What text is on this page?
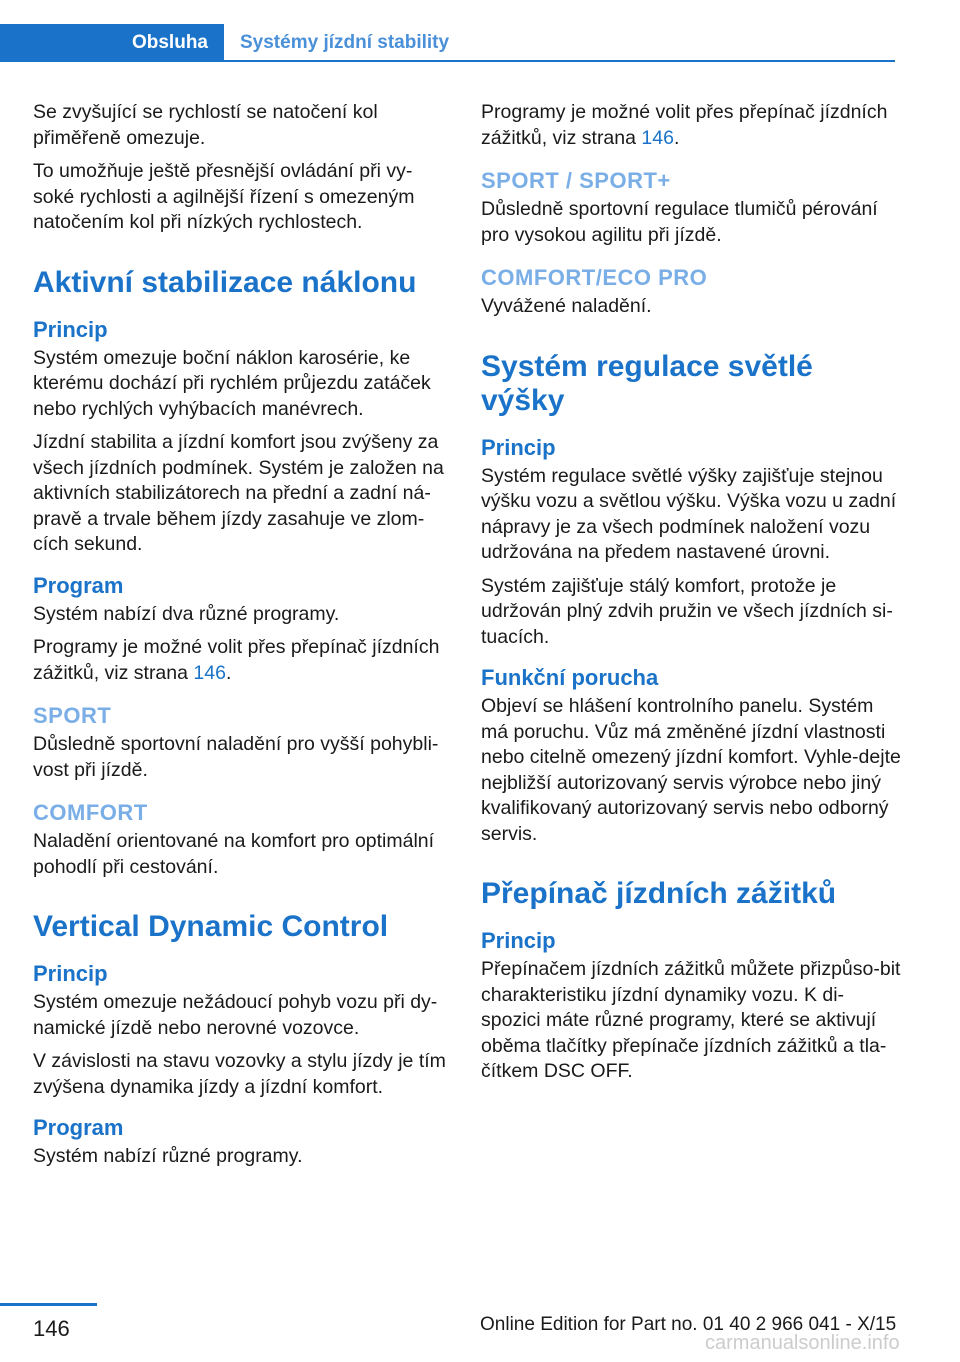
Obsluha Systémy jízdní stability

Se zvyšující se rychlostí se natočení kol přiměřeně omezuje.

To umožňuje ještě přesnější ovládání při vy-soké rychlosti a agilnější řízení s omezeným natočením kol při nízkých rychlostech.

Aktivní stabilizace náklonu
Princip

Systém omezuje boční náklon karosérie, ke kterému dochází při rychlém průjezdu zatáček nebo rychlých vyhýbacích manévrech.

Jízdní stabilita a jízdní komfort jsou zvýšeny za všech jízdních podmínek. Systém je založen na aktivních stabilizátorech na přední a zadní ná-pravě a trvale během jízdy zasahuje ve zlom-cích sekund.

Program

Systém nabízí dva různé programy.

Programy je možné volit přes přepínač jízdních zážitků, viz strana 146.

SPORT

Důsledně sportovní naladění pro vyšší pohybli-vost při jízdě.

COMFORT

Naladění orientované na komfort pro optimální pohodlí při cestování.

Vertical Dynamic Control
Princip

Systém omezuje nežádoucí pohyb vozu při dy-namické jízdě nebo nerovné vozovce.

V závislosti na stavu vozovky a stylu jízdy je tím zvýšena dynamika jízdy a jízdní komfort.

Program

Systém nabízí různé programy.

Programy je možné volit přes přepínač jízdních zážitků, viz strana 146.

SPORT / SPORT+

Důsledně sportovní regulace tlumičů pérování pro vysokou agilitu při jízdě.

COMFORT/ECO PRO

Vyvážené naladění.

Systém regulace světlé výšky
Princip

Systém regulace světlé výšky zajišťuje stejnou výšku vozu a světlou výšku. Výška vozu u zadní nápravy je za všech podmínek naložení vozu udržována na předem nastavené úrovni.

Systém zajišťuje stálý komfort, protože je udržován plný zdvih pružin ve všech jízdních si-tuacích.

Funkční porucha

Objeví se hlášení kontrolního panelu. Systém má poruchu. Vůz má změněné jízdní vlastnosti nebo citelně omezený jízdní komfort. Vyhle-dejte nejbližší autorizovaný servis výrobce nebo jiný kvalifikovaný autorizovaný servis nebo odborný servis.

Přepínač jízdních zážitků
Princip

Přepínačem jízdních zážitků můžete přizpůso-bit charakteristiku jízdní dynamiky vozu. K di-spozici máte různé programy, které se aktivují oběma tlačítky přepínače jízdních zážitků a tla-čítkem DSC OFF.

146	Online Edition for Part no. 01 40 2 966 041 - X/15
carmanualsonline.info
